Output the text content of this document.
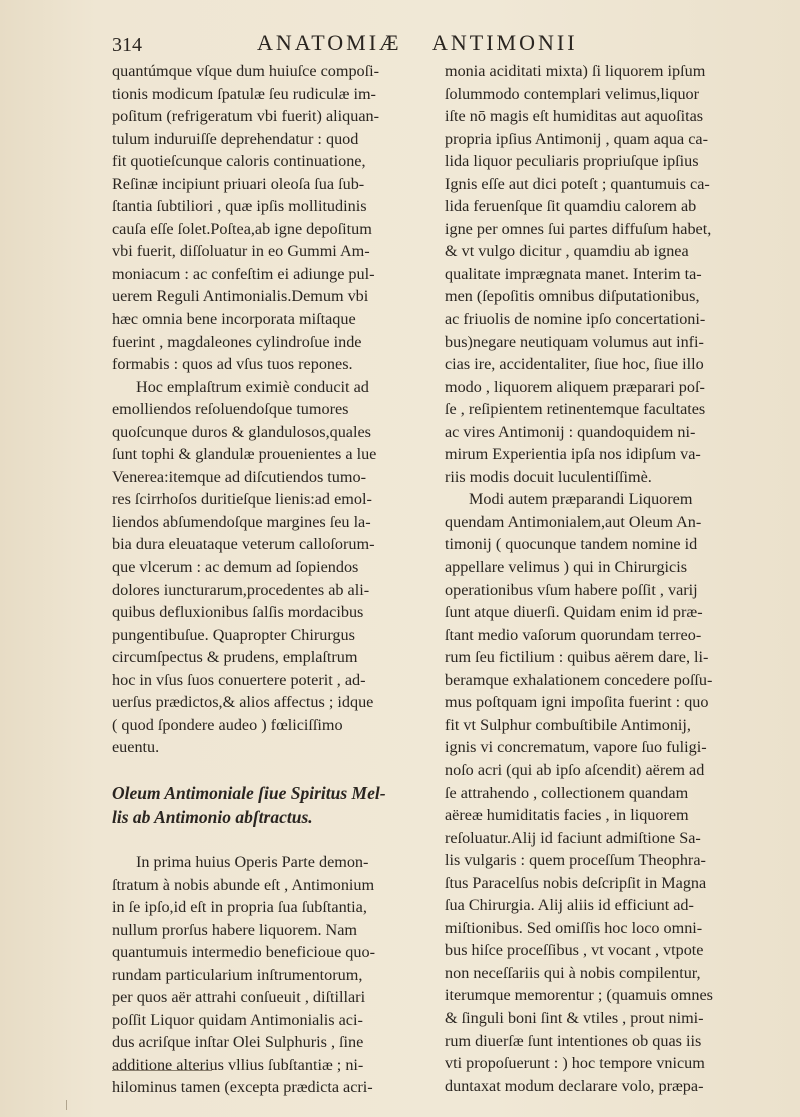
314	ANATOMIÆ ANTIMONII
quantúmque vſque dum huiuſce compoſi-
tionis modicum ſpatulæ ſeu rudiculæ im-
poſitum (refrigeratum vbi fuerit) aliquan-
tulum induruiſſe deprehendatur : quod
fit quotieſcunque caloris continuatione,
Reſinæ incipiunt priuari oleoſa ſua ſub-
ſtantia ſubtiliori , quæ ipſis mollitudinis
cauſa eſſe ſolet.Poſtea,ab igne depoſitum
vbi fuerit, diſſoluatur in eo Gummi Am-
moniacum : ac confeſtim ei adiunge pul-
uerem Reguli Antimonialis.Demum vbi
hæc omnia bene incorporata miſtaque
fuerint , magdaleones cylindroſue inde
formabis : quos ad vſus tuos repones.
Hoc emplaſtrum eximiè conducit ad
emolliendos reſoluendoſque tumores
quoſcunque duros & glandulosos,quales
ſunt tophi & glandulæ prouenientes a lue
Venerea:itemque ad diſcutiendos tumo-
res ſcirrhoſos duritieſque lienis:ad emol-
liendos abſumendoſque margines ſeu la-
bia dura eleuataque veterum calloſorum-
que vlcerum : ac demum ad ſopiendos
dolores iuncturarum,procedentes ab ali-
quibus defluxionibus ſalſis mordacibus
pungentibuſue. Quapropter Chirurgus
circumſpectus & prudens, emplaſtrum
hoc in vſus ſuos conuertere poterit , ad-
uerſus prædictos,& alios affectus ; idque
( quod ſpondere audeo ) fœliciſſimo
euentu.
Oleum Antimoniale ſiue Spiritus Mel-
lis ab Antimonio abſtractus.
In prima huius Operis Parte demon-
ſtratum à nobis abunde eſt , Antimonium
in ſe ipſo,id eſt in propria ſua ſubſtantia,
nullum prorſus habere liquorem. Nam
quantumuis intermedio beneficioue quo-
rundam particularium inſtrumentorum,
per quos aër attrahi conſueuit , diſtillari
poſſit Liquor quidam Antimonialis aci-
dus acriſque inſtar Olei Sulphuris , ſine
additione alterius vllius ſubſtantiæ ; ni-
hilominus tamen (excepta prædicta acri-
monia aciditati mixta) ſi liquorem ipſum
ſolummodo contemplari velimus,liquor
iſte nō magis eſt humiditas aut aquoſitas
propria ipſius Antimonij , quam aqua ca-
lida liquor peculiaris propriuſque ipſius
Ignis eſſe aut dici poteſt ; quantumuis ca-
lida feruenſque ſit quamdiu calorem ab
igne per omnes ſui partes diffuſum habet,
& vt vulgo dicitur , quamdiu ab ignea
qualitate imprægnata manet. Interim ta-
men (ſepoſitis omnibus diſputationibus,
ac friuolis de nomine ipſo concertationi-
bus)negare neutiquam volumus aut infi-
cias ire, accidentaliter, ſiue hoc, ſiue illo
modo , liquorem aliquem præparari poſ-
ſe , reſipientem retinentemque facultates
ac vires Antimonij : quandoquidem ni-
mirum Experientia ipſa nos idipſum va-
riis modis docuit luculentiſſimè.
Modi autem præparandi Liquorem
quendam Antimonialem,aut Oleum An-
timonij ( quocunque tandem nomine id
appellare velimus ) qui in Chirurgicis
operationibus vſum habere poſſit , varij
ſunt atque diuerſi. Quidam enim id præ-
ſtant medio vaſorum quorundam terreo-
rum ſeu fictilium : quibus aërem dare, li-
beramque exhalationem concedere poſſu-
mus poſtquam igni impoſita fuerint : quo
fit vt Sulphur combuſtibile Antimonij,
ignis vi concrematum, vapore ſuo fuligi-
noſo acri (qui ab ipſo aſcendit) aërem ad
ſe attrahendo , collectionem quandam
aëreæ humiditatis facies , in liquorem
reſoluatur.Alij id faciunt admiſtione Sa-
lis vulgaris : quem proceſſum Theophra-
ſtus Paracelſus nobis deſcripſit in Magna
ſua Chirurgia. Alij aliis id efficiunt ad-
miſtionibus. Sed omiſſis hoc loco omni-
bus hiſce proceſſibus , vt vocant , vtpote
non neceſſariis qui à nobis compilentur,
iterumque memorentur ; (quamuis omnes
& ſinguli boni ſint & vtiles , prout nimi-
rum diuerſæ ſunt intentiones ob quas iis
vti propoſuerunt : ) hoc tempore vnicum
duntaxat modum declarare volo, præpa-
